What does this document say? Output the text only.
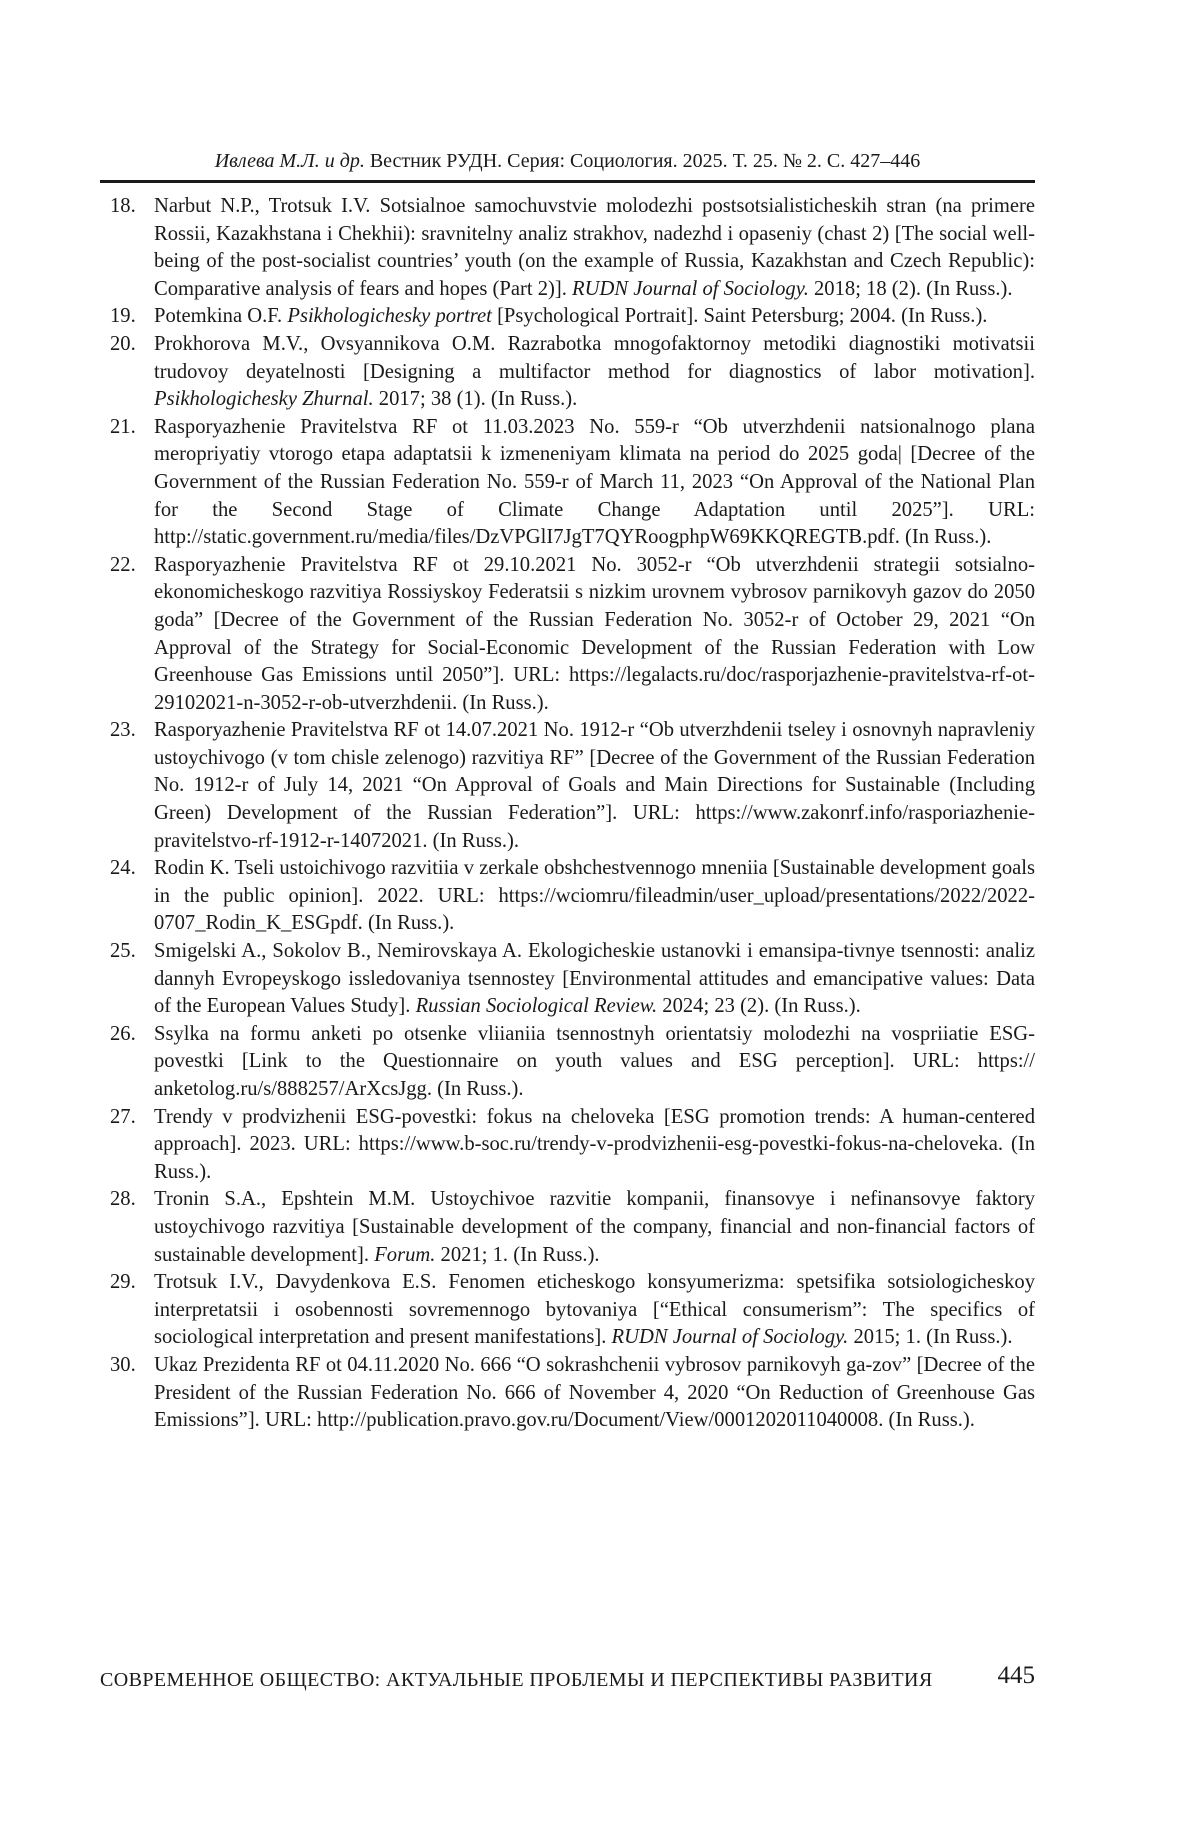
Ивлева М.Л. и др. Вестник РУДН. Серия: Социология. 2025. Т. 25. № 2. С. 427–446
18. Narbut N.P., Trotsuk I.V. Sotsialnoe samochuvstvie molodezhi postsotsialisticheskih stran (na primere Rossii, Kazakhstana i Chekhii): sravnitelny analiz strakhov, nadezhd i opaseniy (chast 2) [The social well-being of the post-socialist countries’ youth (on the example of Russia, Kazakhstan and Czech Republic): Comparative analysis of fears and hopes (Part 2)]. RUDN Journal of Sociology. 2018; 18 (2). (In Russ.).
19. Potemkina O.F. Psikhologichesky portret [Psychological Portrait]. Saint Petersburg; 2004. (In Russ.).
20. Prokhorova M.V., Ovsyannikova O.M. Razrabotka mnogofaktornoy metodiki diagnostiki motivatsii trudovoy deyatelnosti [Designing a multifactor method for diagnostics of labor motivation]. Psikhologichesky Zhurnal. 2017; 38 (1). (In Russ.).
21. Rasporyazhenie Pravitelstva RF ot 11.03.2023 No. 559-r “Ob utverzhdenii natsionalnogo plana meropriyatiy vtorogo etapa adaptatsii k izmeneniyam klimata na period do 2025 goda| [Decree of the Government of the Russian Federation No. 559-r of March 11, 2023 “On Approval of the National Plan for the Second Stage of Climate Change Adaptation until 2025”]. URL: http://static.government.ru/media/files/DzVPGlI7JgT7QYRoogphpW69KKQR​EGTB.pdf. (In Russ.).
22. Rasporyazhenie Pravitelstva RF ot 29.10.2021 No. 3052-r “Ob utverzhdenii strategii sotsialno-​ekonomicheskogo razvitiya Rossiyskoy Federatsii s nizkim urovnem vybrosov parnikovyh gazov do 2050 goda” [Decree of the Government of the Russian Federation No. 3052-r of October 29, 2021 “On Approval of the Strategy for Social-Economic Development of the Russian Federation with Low Greenhouse Gas Emissions until 2050”]. URL: https://legalacts.​ru/doc/rasporjazhenie-pravitelstva-rf-ot-29102021-n-3052-r-ob-utverzhdenii. (In Russ.).
23. Rasporyazhenie Pravitelstva RF ot 14.07.2021 No. 1912-r “Ob utverzhdenii tseley i osnovnyh napravleniy ustoychivogo (v tom chisle zelenogo) razvitiya RF” [Decree of the Government of the Russian Federation No. 1912-r of July 14, 2021 “On Approval of Goals and Main Directions for Sustainable (Including Green) Development of the Russian Federation”]. URL: https://www.zakonrf.info/rasporiazhenie-pravitelstvo-rf-1912-r-14072021. (In Russ.).
24. Rodin K. Tseli ustoichivogo razvitiia v zerkale obshchestvennogo mneniia [Sustainable development goals in the public opinion]. 2022. URL: https://wciomru/fileadmin/user_​upload/presentations/2022/2022-0707_Rodin_K_ESGpdf. (In Russ.).
25. Smigelski A., Sokolov B., Nemirovskaya A. Ekologicheskie ustanovki i emansipa-tivnye tsennosti: analiz dannyh Evropeyskogo issledovaniya tsennostey [Environmental attitudes and emancipative values: Data of the European Values Study]. Russian Sociological Review. 2024; 23 (2). (In Russ.).
26. Ssylka na formu anketi po otsenke vliianiia tsennostnyh orientatsiy molodezhi na vospriiatie ESG-povestki [Link to the Questionnaire on youth values and ESG perception]. URL: https://​anketolog.ru/s/888257/ArXcsJgg. (In Russ.).
27. Trendy v prodvizhenii ESG-povestki: fokus na cheloveka [ESG promotion trends: A human-​centered approach]. 2023. URL: https://www.b-soc.ru/trendy-v-prodvizhenii-esg-povestki-​fokus-na-cheloveka. (In Russ.).
28. Tronin S.A., Epshtein M.M. Ustoychivoe razvitie kompanii, finansovye i nefinansovye faktory ustoychivogo razvitiya [Sustainable development of the company, financial and non-​financial factors of sustainable development]. Forum. 2021; 1. (In Russ.).
29. Trotsuk I.V., Davydenkova E.S. Fenomen eticheskogo konsyumerizma: spetsifika sotsiologicheskoy interpretatsii i osobennosti sovremennogo bytovaniya [“Ethical consumerism”: The specifics of sociological interpretation and present manifestations]. RUDN Journal of Sociology. 2015; 1. (In Russ.).
30. Ukaz Prezidenta RF ot 04.11.2020 No. 666 “O sokrashchenii vybrosov parnikovyh ga-​zov” [Decree of the President of the Russian Federation No. 666 of November 4, 2020 “On Reduction of Greenhouse Gas Emissions”]. URL: http://publication.pravo.gov.ru/Document/​View/0001202011040008. (In Russ.).
СОВРЕМЕННОЕ ОБЩЕСТВО: АКТУАЛЬНЫЕ ПРОБЛЕМЫ И ПЕРСПЕКТИВЫ РАЗВИТИЯ	445
